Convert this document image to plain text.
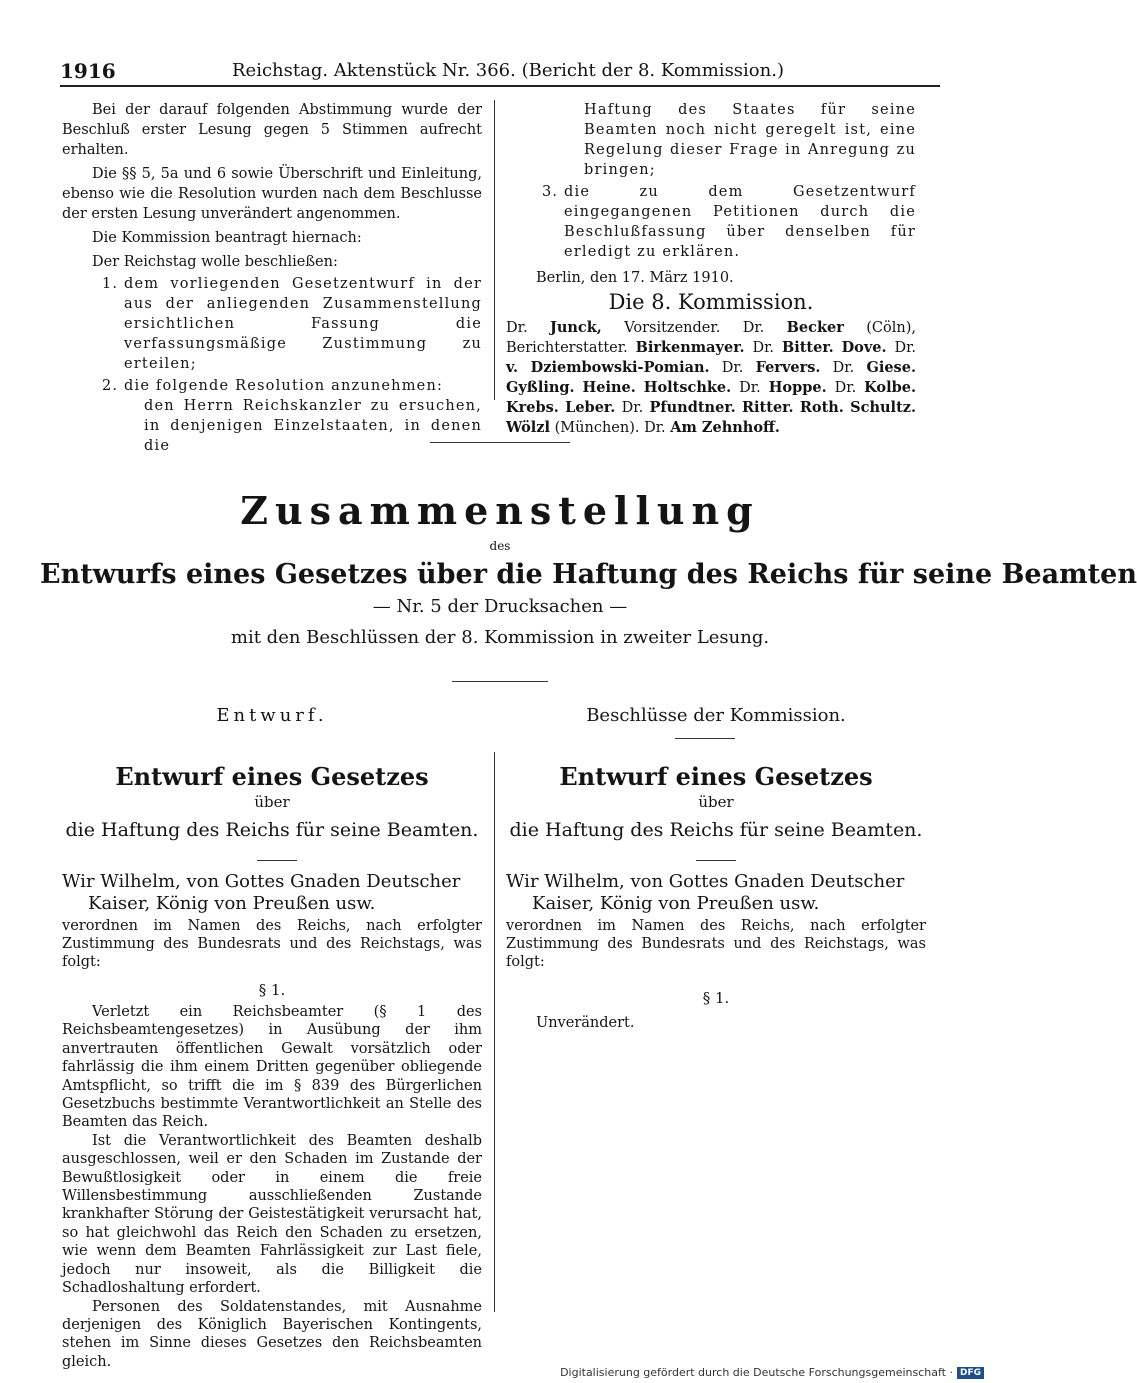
1916	Reichstag. Aktenstück Nr. 366. (Bericht der 8. Kommission.)

Bei der darauf folgenden Abstimmung wurde der Beschluß erster Lesung gegen 5 Stimmen aufrecht erhalten.

Die §§ 5, 5a und 6 sowie Überschrift und Einleitung, ebenso wie die Resolution wurden nach dem Beschlusse der ersten Lesung unverändert angenommen.

Die Kommission beantragt hiernach:

Der Reichstag wolle beschließen:

1. dem vorliegenden Gesetzentwurf in der aus der anliegenden Zusammenstellung ersichtlichen Fassung die verfassungsmäßige Zustimmung zu erteilen;
2. die folgende Resolution anzunehmen:

den Herrn Reichskanzler zu ersuchen, in denjenigen Einzelstaaten, in denen die

Haftung des Staates für seine Beamten noch nicht geregelt ist, eine Regelung dieser Frage in Anregung zu bringen;

3. die zu dem Gesetzentwurf eingegangenen Petitionen durch die Beschlußfassung über denselben für erledigt zu erklären.

Berlin, den 17. März 1910.

Die 8. Kommission.

Dr. Junck, Vorsitzender. Dr. Becker (Cöln), Berichterstatter. Birkenmayer. Dr. Bitter. Dove. Dr. v. Dziembowski-Pomian. Dr. Fervers. Dr. Giese. Gyßling. Heine. Holtschke. Dr. Hoppe. Dr. Kolbe. Krebs. Leber. Dr. Pfundtner. Ritter. Roth. Schultz. Wölzl (München). Dr. Am Zehnhoff.

Zusammenstellung
des
Entwurfs eines Gesetzes über die Haftung des Reichs für seine Beamten
— Nr. 5 der Drucksachen —
mit den Beschlüssen der 8. Kommission in zweiter Lesung.
Entwurf.	Beschlüsse der Kommission.
Entwurf eines Gesetzes
über
die Haftung des Reichs für seine Beamten.
Wir Wilhelm, von Gottes Gnaden Deutscher
Kaiser, König von Preußen usw.
verordnen im Namen des Reichs, nach erfolgter Zustimmung des Bundesrats und des Reichstags, was folgt:
§ 1.

Verletzt ein Reichsbeamter (§ 1 des Reichsbeamtengesetzes) in Ausübung der ihm anvertrauten öffentlichen Gewalt vorsätzlich oder fahrlässig die ihm einem Dritten gegenüber obliegende Amtspflicht, so trifft die im § 839 des Bürgerlichen Gesetzbuchs bestimmte Verantwortlichkeit an Stelle des Beamten das Reich.

Ist die Verantwortlichkeit des Beamten deshalb ausgeschlossen, weil er den Schaden im Zustande der Bewußtlosigkeit oder in einem die freie Willensbestimmung ausschließenden Zustande krankhafter Störung der Geistestätigkeit verursacht hat, so hat gleichwohl das Reich den Schaden zu ersetzen, wie wenn dem Beamten Fahrlässigkeit zur Last fiele, jedoch nur insoweit, als die Billigkeit die Schadloshaltung erfordert.

Personen des Soldatenstandes, mit Ausnahme derjenigen des Königlich Bayerischen Kontingents, stehen im Sinne dieses Gesetzes den Reichsbeamten gleich.

Entwurf eines Gesetzes
über
die Haftung des Reichs für seine Beamten.
Wir Wilhelm, von Gottes Gnaden Deutscher
Kaiser, König von Preußen usw.
verordnen im Namen des Reichs, nach erfolgter Zustimmung des Bundesrats und des Reichstags, was folgt:
§ 1.
Unverändert.
Digitalisierung gefördert durch die Deutsche Forschungsgemeinschaft · DFG
